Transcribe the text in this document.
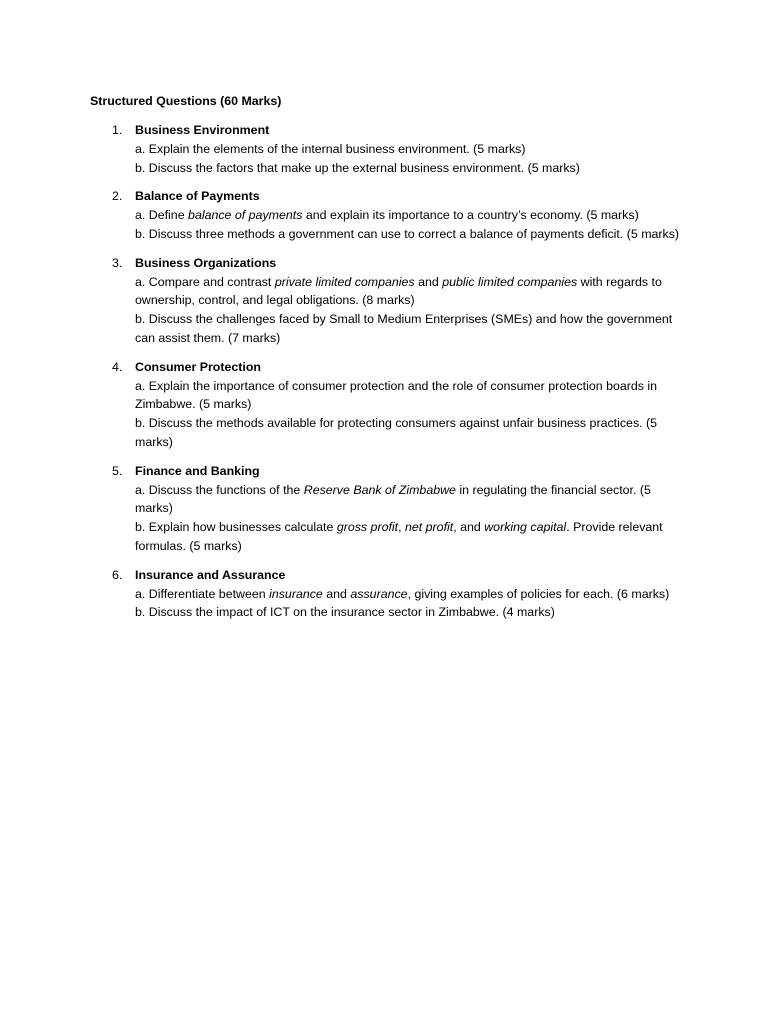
Structured Questions (60 Marks)
1.	Business Environment
a. Explain the elements of the internal business environment. (5 marks)
b. Discuss the factors that make up the external business environment. (5 marks)
2.	Balance of Payments
a. Define balance of payments and explain its importance to a country’s economy. (5 marks)
b. Discuss three methods a government can use to correct a balance of payments deficit. (5 marks)
3.	Business Organizations
a. Compare and contrast private limited companies and public limited companies with regards to ownership, control, and legal obligations. (8 marks)
b. Discuss the challenges faced by Small to Medium Enterprises (SMEs) and how the government can assist them. (7 marks)
4.	Consumer Protection
a. Explain the importance of consumer protection and the role of consumer protection boards in Zimbabwe. (5 marks)
b. Discuss the methods available for protecting consumers against unfair business practices. (5 marks)
5.	Finance and Banking
a. Discuss the functions of the Reserve Bank of Zimbabwe in regulating the financial sector. (5 marks)
b. Explain how businesses calculate gross profit, net profit, and working capital. Provide relevant formulas. (5 marks)
6.	Insurance and Assurance
a. Differentiate between insurance and assurance, giving examples of policies for each. (6 marks)
b. Discuss the impact of ICT on the insurance sector in Zimbabwe. (4 marks)
